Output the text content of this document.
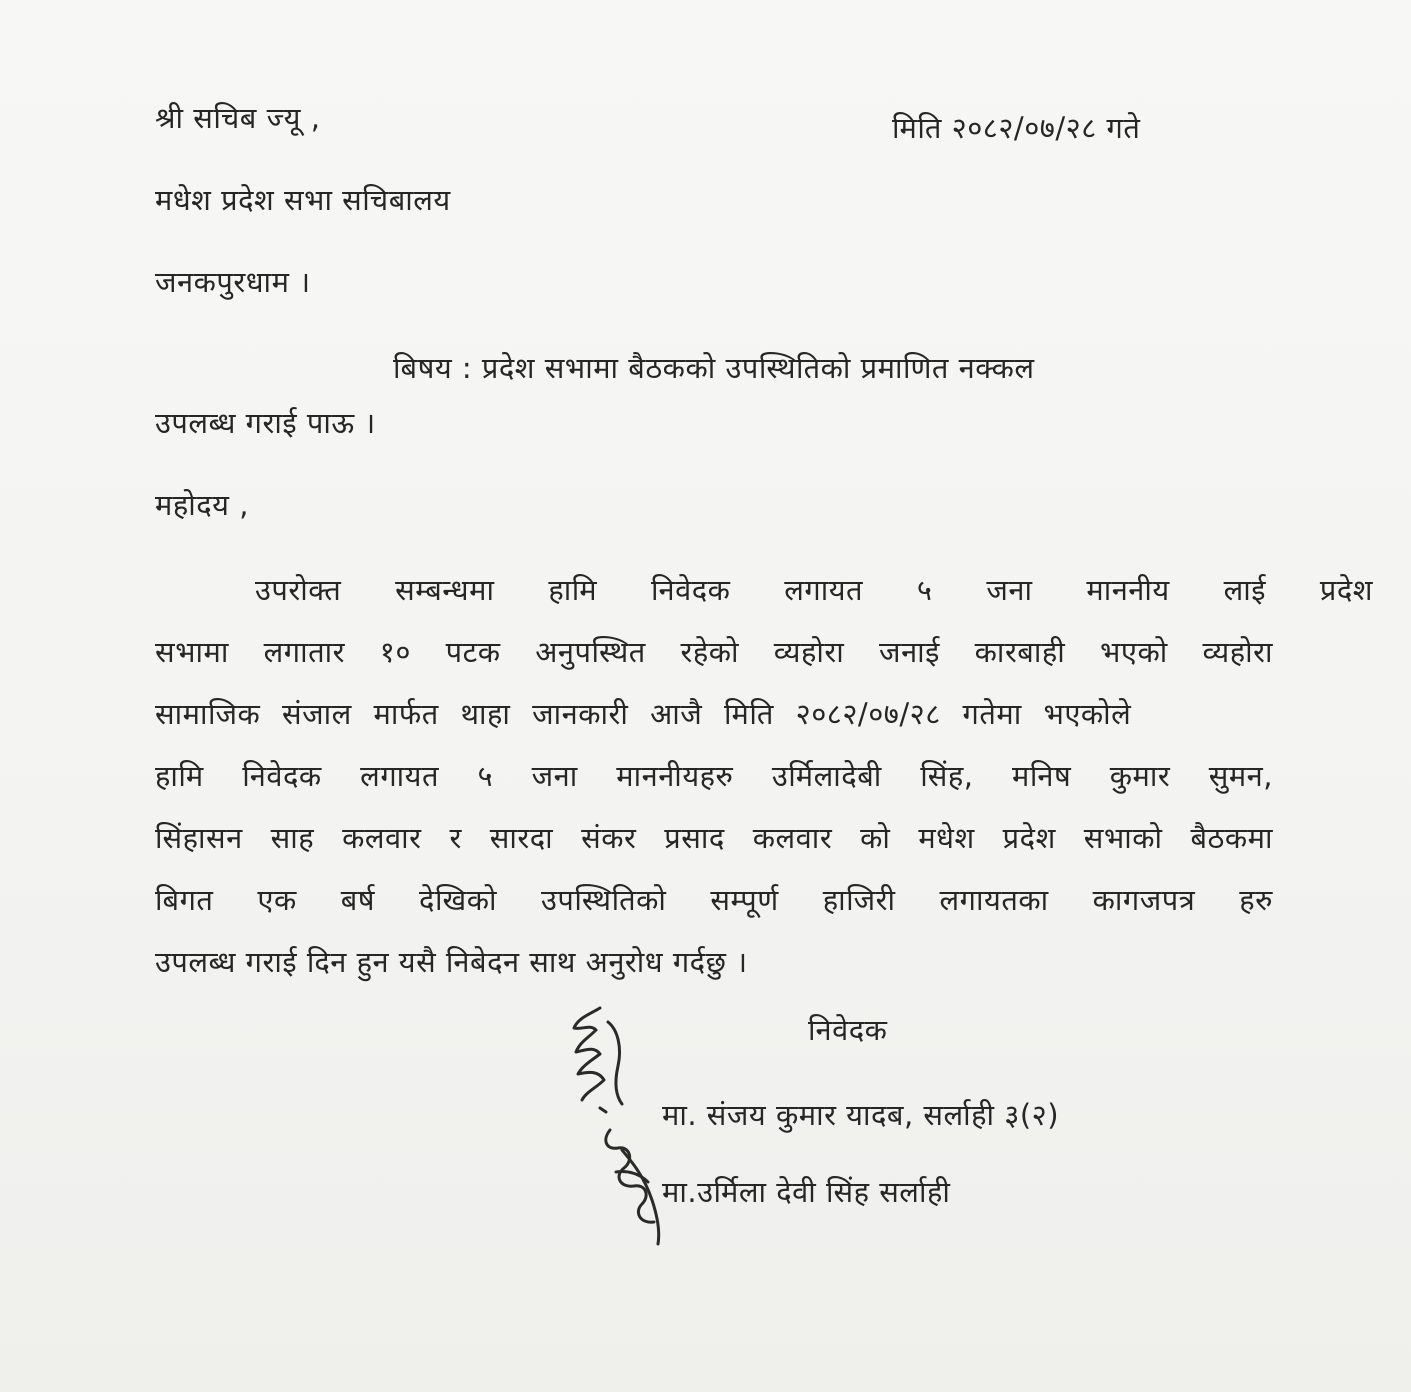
श्री सचिब ज्यू ,	मिति २०८२/०७/२८ गते
मधेश प्रदेश सभा सचिबालय
जनकपुरधाम ।
बिषय : प्रदेश सभामा बैठकको उपस्थितिको प्रमाणित नक्कल
उपलब्ध गराई पाऊ ।
महोदय ,
उपरोक्त सम्बन्धमा हामि निवेदक लगायत ५ जना माननीय लाई प्रदेश
सभामा लगातार १० पटक अनुपस्थित रहेको व्यहोरा जनाई कारबाही भएको व्यहोरा
सामाजिक संजाल मार्फत थाहा जानकारी आजै मिति २०८२/०७/२८ गतेमा भएकोले
हामि निवेदक लगायत ५ जना माननीयहरु उर्मिलादेबी सिंह, मनिष कुमार सुमन,
सिंहासन साह कलवार र सारदा संकर प्रसाद कलवार को मधेश प्रदेश सभाको बैठकमा
बिगत एक बर्ष देखिको उपस्थितिको सम्पूर्ण हाजिरी लगायतका कागजपत्र हरु
उपलब्ध गराई दिन हुन यसै निबेदन साथ अनुरोध गर्दछु ।
निवेदक
मा. संजय कुमार यादब, सर्लाही ३(२)
मा.उर्मिला देवी सिंह सर्लाही
